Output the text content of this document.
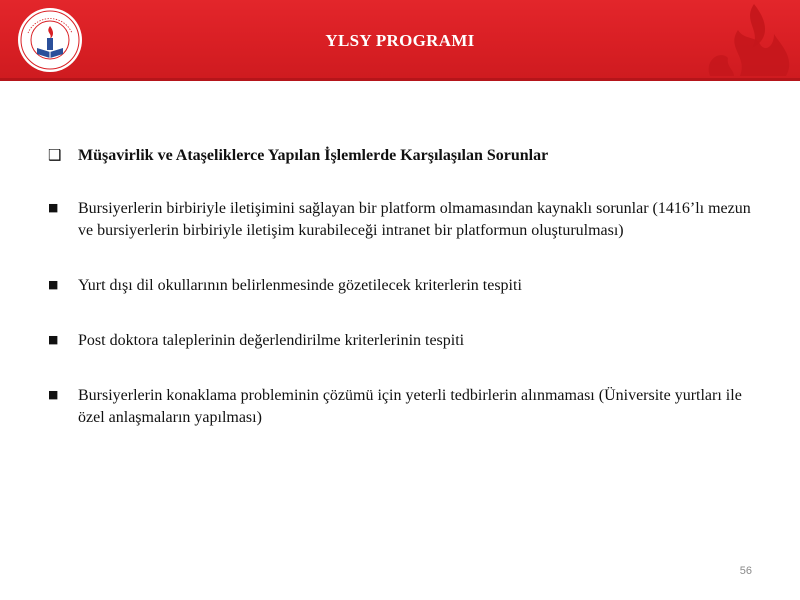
YLSY PROGRAMI
❑ Müşavirlik ve Ataşeliklerce Yapılan İşlemlerde Karşılaşılan Sorunlar
■ Bursiyerlerin birbiriyle iletişimini sağlayan bir platform olmamasından kaynaklı sorunlar (1416’lı mezun ve bursiyerlerin birbiriyle iletişim kurabileceği intranet bir platformun oluşturulması)
■ Yurt dışı dil okullarının belirlenmesinde gözetilecek kriterlerin tespiti
■ Post doktora taleplerinin değerlendirilme kriterlerinin tespiti
■ Bursiyerlerin konaklama probleminin çözümü için yeterli tedbirlerin alınmaması (Üniversite yurtları ile özel anlaşmaların yapılması)
56
